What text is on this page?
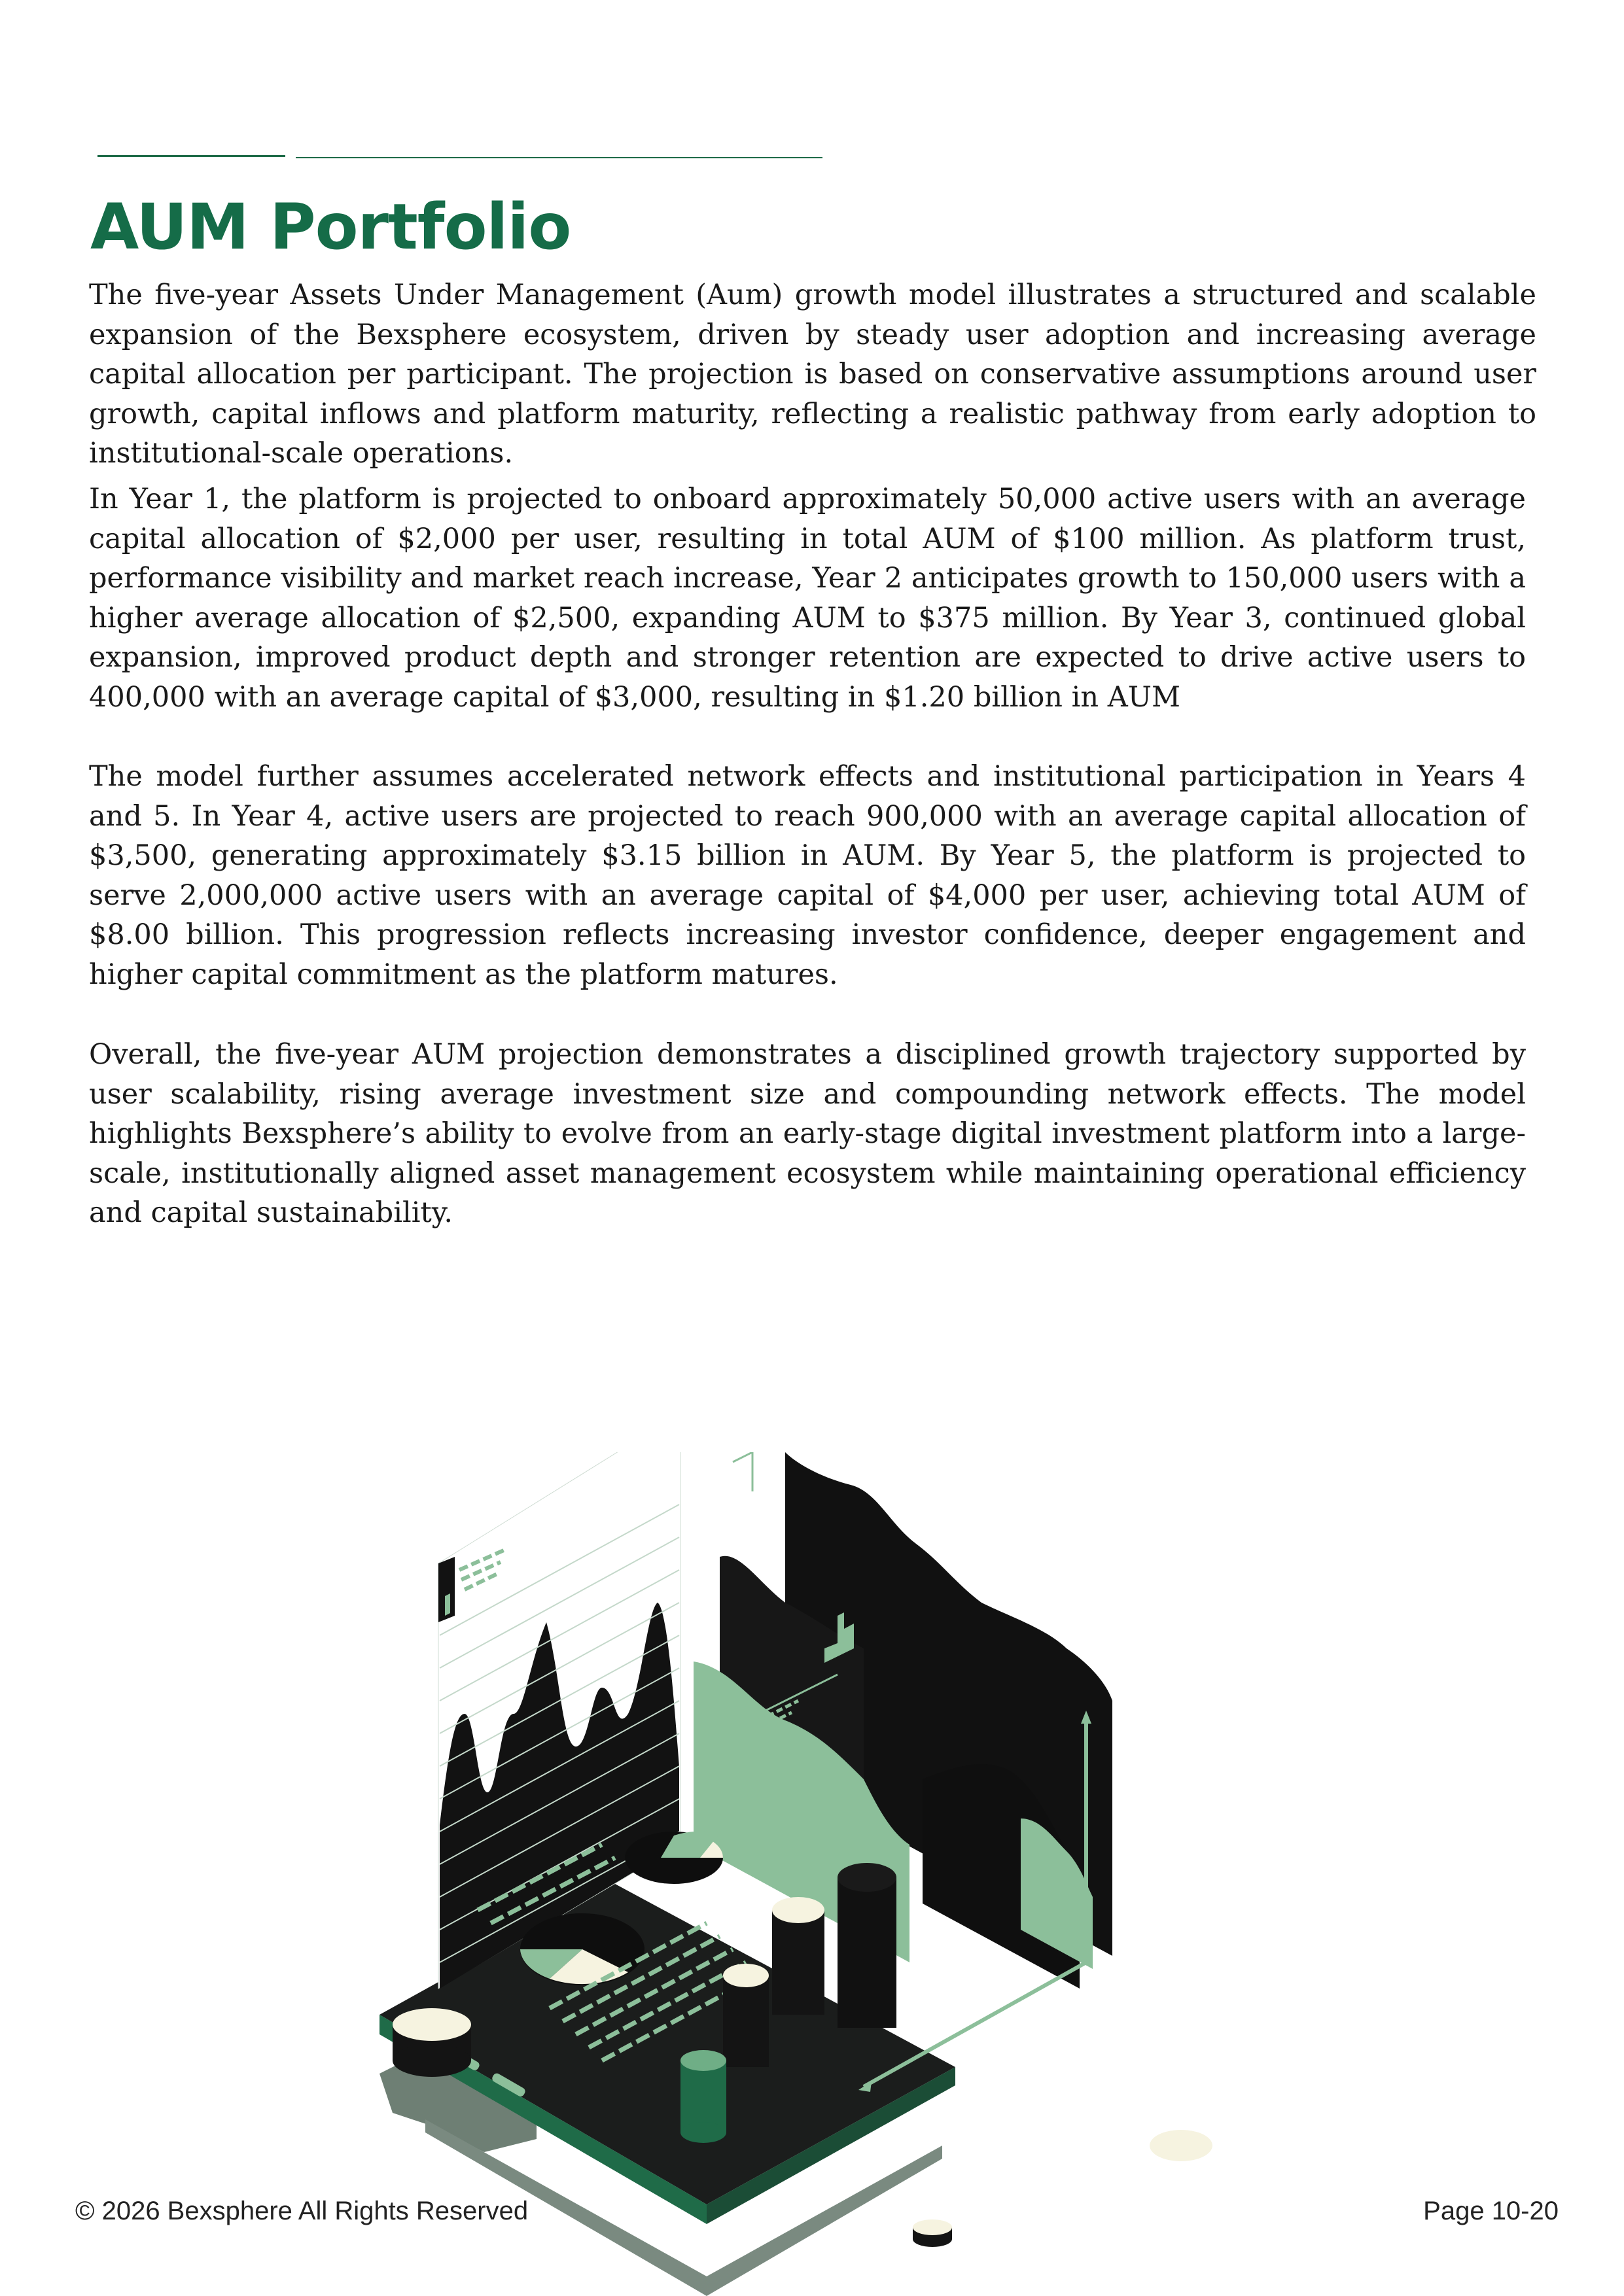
AUM Portfolio

The five-year Assets Under Management (Aum) growth model illustrates a structured and scalable expansion of the Bexsphere ecosystem, driven by steady user adoption and increasing average capital allocation per participant. The projection is based on conservative assumptions around user growth, capital inflows and platform maturity, reflecting a realistic pathway from early adoption to institutional-scale operations.

In Year 1, the platform is projected to onboard approximately 50,000 active users with an average capital allocation of $2,000 per user, resulting in total AUM of $100 million. As platform trust, performance visibility and market reach increase, Year 2 anticipates growth to 150,000 users with a higher average allocation of $2,500, expanding AUM to $375 million. By Year 3, continued global expansion, improved product depth and stronger retention are expected to drive active users to 400,000 with an average capital of $3,000, resulting in $1.20 billion in AUM

The model further assumes accelerated network effects and institutional participation in Years 4 and 5. In Year 4, active users are projected to reach 900,000 with an average capital allocation of $3,500, generating approximately $3.15 billion in AUM. By Year 5, the platform is projected to serve 2,000,000 active users with an average capital of $4,000 per user, achieving total AUM of $8.00 billion. This progression reflects increasing investor confidence, deeper engagement and higher capital commitment as the platform matures.

Overall, the five-year AUM projection demonstrates a disciplined growth trajectory supported by user scalability, rising average investment size and compounding network effects. The model highlights Bexsphere’s ability to evolve from an early-stage digital investment platform into a large-scale, institutionally aligned asset management ecosystem while maintaining operational efficiency and capital sustainability.

© 2026 Bexsphere All Rights Reserved	Page 10-20
